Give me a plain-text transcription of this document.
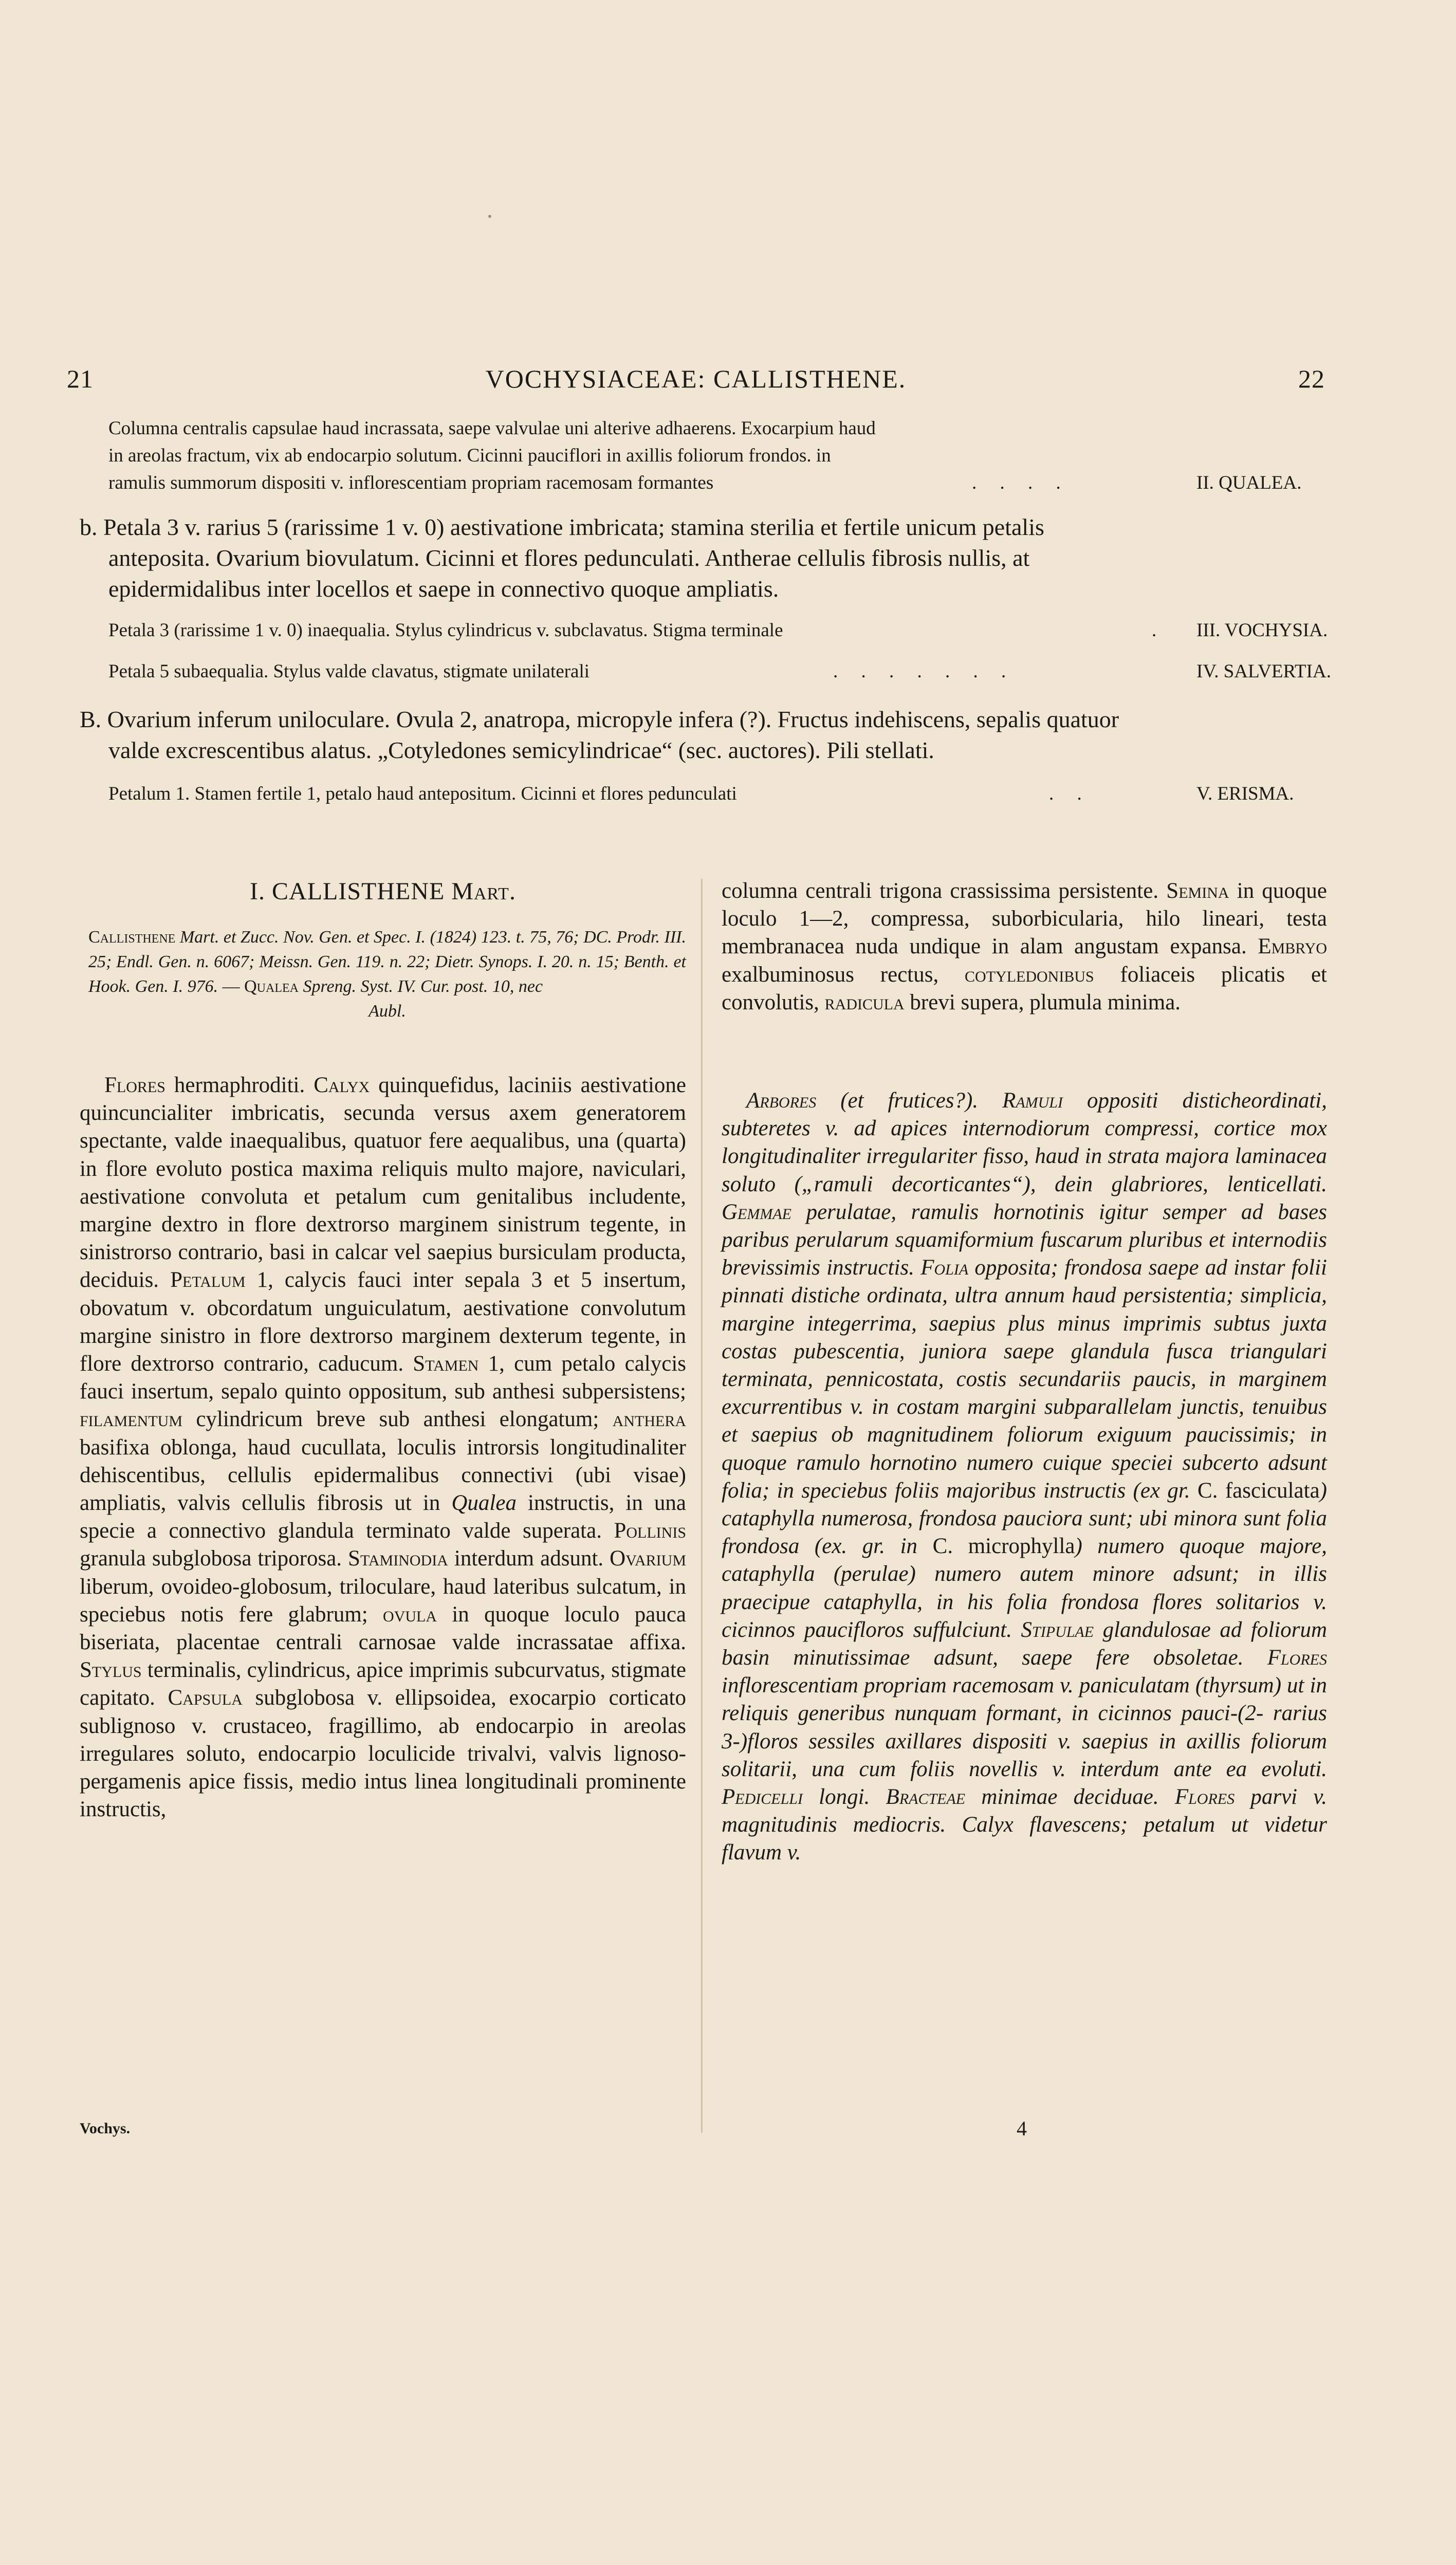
21	VOCHYSIACEAE: CALLISTHENE.	22
Columna centralis capsulae haud incrassata, saepe valvulae uni alterive adhaerens. Exocarpium haud
in areolas fractum, vix ab endocarpio solutum. Cicinni pauciflori in axillis foliorum frondos. in
ramulis summorum dispositi v. inflorescentiam propriam racemosam formantes	. . . .	II. QUALEA.
b. Petala 3 v. rarius 5 (rarissime 1 v. 0) aestivatione imbricata; stamina sterilia et fertile unicum petalis
anteposita. Ovarium biovulatum. Cicinni et flores pedunculati. Antherae cellulis fibrosis nullis, at
epidermidalibus inter locellos et saepe in connectivo quoque ampliatis.
Petala 3 (rarissime 1 v. 0) inaequalia. Stylus cylindricus v. subclavatus. Stigma terminale	. III. VOCHYSIA.
Petala 5 subaequalia. Stylus valde clavatus, stigmate unilaterali	. . . . . . .	IV. SALVERTIA.
B. Ovarium inferum uniloculare. Ovula 2, anatropa, micropyle infera (?). Fructus indehiscens, sepalis quatuor
valde excrescentibus alatus. „Cotyledones semicylindricae“ (sec. auctores). Pili stellati.
Petalum 1. Stamen fertile 1, petalo haud antepositum. Cicinni et flores pedunculati	. .	V. ERISMA.
I. CALLISTHENE Mart.
Callisthene Mart. et Zucc. Nov. Gen. et Spec. I. (1824) 123. t. 75, 76; DC. Prodr. III. 25; Endl. Gen. n. 6067; Meissn. Gen. 119. n. 22; Dietr. Synops. I. 20. n. 15; Benth. et Hook. Gen. I. 976. — Qualea Spreng. Syst. IV. Cur. post. 10, nec
Aubl.

Flores hermaphroditi. Calyx quinquefidus, laciniis aestivatione quincuncialiter imbricatis, secunda versus axem generatorem spectante, valde inaequalibus, quatuor fere aequalibus, una (quarta) in flore evoluto postica maxima reliquis multo majore, naviculari, aestivatione convoluta et petalum cum genitalibus includente, margine dextro in flore dextrorso marginem sinistrum tegente, in sinistrorso contrario, basi in calcar vel saepius bursiculam producta, deciduis. Petalum 1, calycis fauci inter sepala 3 et 5 insertum, obovatum v. obcordatum unguiculatum, aestivatione convolutum margine sinistro in flore dextrorso marginem dexterum tegente, in flore dextrorso contrario, caducum. Stamen 1, cum petalo calycis fauci insertum, sepalo quinto oppositum, sub anthesi subpersistens; filamentum cylindricum breve sub anthesi elongatum; anthera basifixa oblonga, haud cucullata, loculis introrsis longitudinaliter dehiscentibus, cellulis epidermalibus connectivi (ubi visae) ampliatis, valvis cellulis fibrosis ut in Qualea instructis, in una specie a connectivo glandula terminato valde superata. Pollinis granula subglobosa triporosa. Staminodia interdum adsunt. Ovarium liberum, ovoideo-globosum, triloculare, haud lateribus sulcatum, in speciebus notis fere glabrum; ovula in quoque loculo pauca biseriata, placentae centrali carnosae valde incrassatae affixa. Stylus terminalis, cylindricus, apice imprimis subcurvatus, stigmate capitato. Capsula subglobosa v. ellipsoidea, exocarpio corticato sublignoso v. crustaceo, fragillimo, ab endocarpio in areolas irregulares soluto, endocarpio loculicide trivalvi, valvis lignoso-pergamenis apice fissis, medio intus linea longitudinali prominente instructis,

columna centrali trigona crassissima persistente. Semina in quoque loculo 1—2, compressa, suborbicularia, hilo lineari, testa membranacea nuda undique in alam angustam expansa. Embryo exalbuminosus rectus, cotyledonibus foliaceis plicatis et convolutis, radicula brevi supera, plumula minima.

Arbores (et frutices?). Ramuli oppositi disticheordinati, subteretes v. ad apices internodiorum compressi, cortice mox longitudinaliter irregulariter fisso, haud in strata majora laminacea soluto („ramuli decorticantes“), dein glabriores, lenticellati. Gemmae perulatae, ramulis hornotinis igitur semper ad bases paribus perularum squamiformium fuscarum pluribus et internodiis brevissimis instructis. Folia opposita; frondosa saepe ad instar folii pinnati distiche ordinata, ultra annum haud persistentia; simplicia, margine integerrima, saepius plus minus imprimis subtus juxta costas pubescentia, juniora saepe glandula fusca triangulari terminata, pennicostata, costis secundariis paucis, in marginem excurrentibus v. in costam margini subparallelam junctis, tenuibus et saepius ob magnitudinem foliorum exiguum paucissimis; in quoque ramulo hornotino numero cuique speciei subcerto adsunt folia; in speciebus foliis majoribus instructis (ex gr. C. fasciculata) cataphylla numerosa, frondosa pauciora sunt; ubi minora sunt folia frondosa (ex. gr. in C. microphylla) numero quoque majore, cataphylla (perulae) numero autem minore adsunt; in illis praecipue cataphylla, in his folia frondosa flores solitarios v. cicinnos paucifloros suffulciunt. Stipulae glandulosae ad foliorum basin minutissimae adsunt, saepe fere obsoletae. Flores inflorescentiam propriam racemosam v. paniculatam (thyrsum) ut in reliquis generibus nunquam formant, in cicinnos pauci-(2- rarius 3-)floros sessiles axillares dispositi v. saepius in axillis foliorum solitarii, una cum foliis novellis v. interdum ante ea evoluti. Pedicelli longi. Bracteae minimae deciduae. Flores parvi v. magnitudinis mediocris. Calyx flavescens; petalum ut videtur flavum v.

Vochys.	4
